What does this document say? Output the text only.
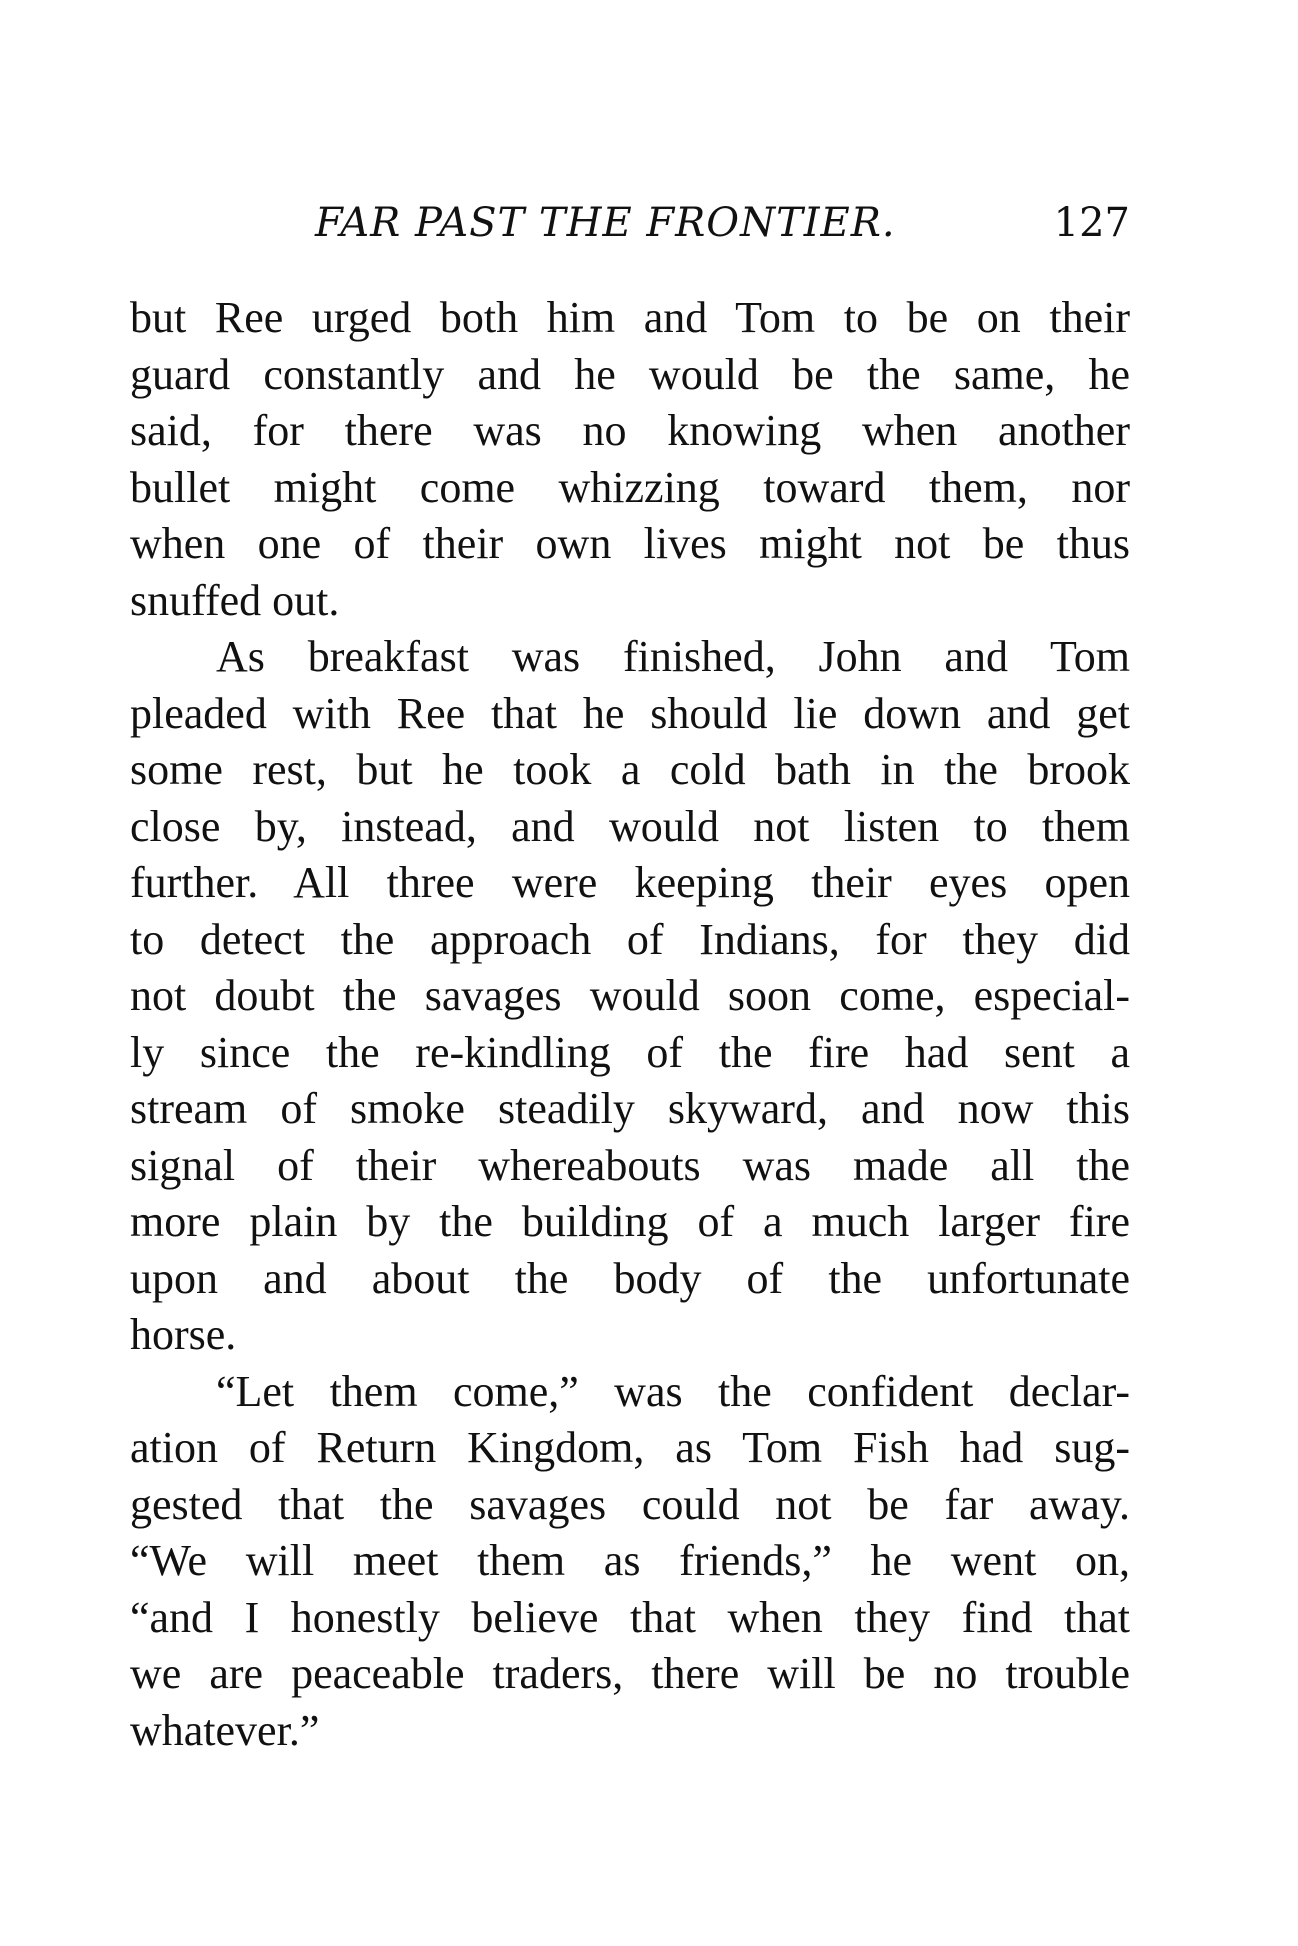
FAR PAST THE FRONTIER.	127
but Ree urged both him and Tom to be on their
guard constantly and he would be the same, he
said, for there was no knowing when another
bullet might come whizzing toward them, nor
when one of their own lives might not be thus
snuffed out.
As breakfast was finished, John and Tom
pleaded with Ree that he should lie down and get
some rest, but he took a cold bath in the brook
close by, instead, and would not listen to them
further. All three were keeping their eyes open
to detect the approach of Indians, for they did
not doubt the savages would soon come, especial-
ly since the re-kindling of the fire had sent a
stream of smoke steadily skyward, and now this
signal of their whereabouts was made all the
more plain by the building of a much larger fire
upon and about the body of the unfortunate
horse.
“Let them come,” was the confident declar-
ation of Return Kingdom, as Tom Fish had sug-
gested that the savages could not be far away.
“We will meet them as friends,” he went on,
“and I honestly believe that when they find that
we are peaceable traders, there will be no trouble
whatever.”
